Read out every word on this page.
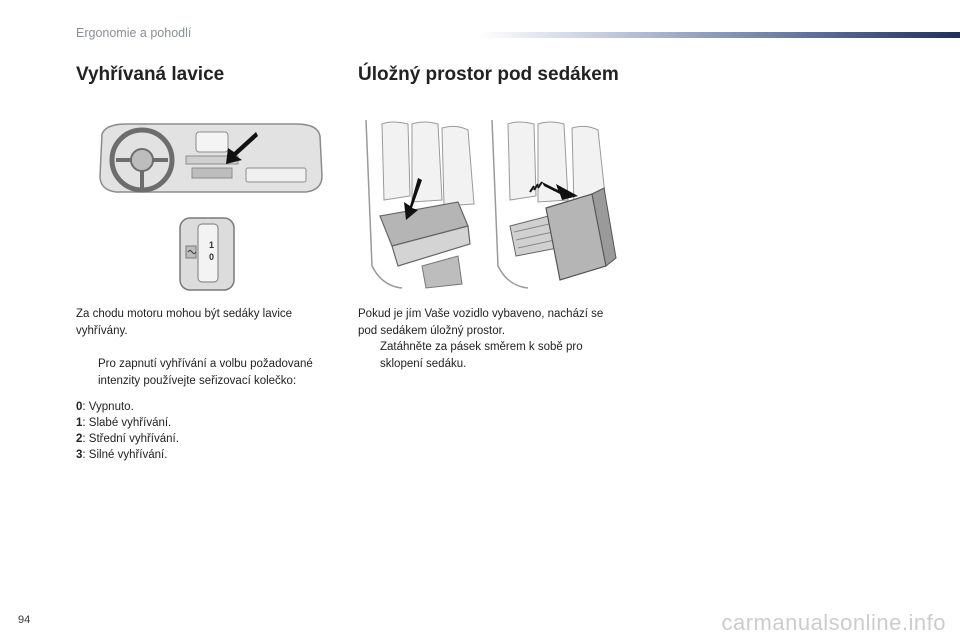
Ergonomie a pohodlí
Vyhřívaná lavice
1
0
Za chodu motoru mohou být sedáky lavice vyhřívány.
Pro zapnutí vyhřívání a volbu požadované intenzity používejte seřizovací kolečko:
0: Vypnuto.
1: Slabé vyhřívání.
2: Střední vyhřívání.
3: Silné vyhřívání.
Úložný prostor pod sedákem
Pokud je jím Vaše vozidlo vybaveno, nachází se pod sedákem úložný prostor.
Zatáhněte za pásek směrem k sobě pro sklopení sedáku.
94	carmanualsonline.info
